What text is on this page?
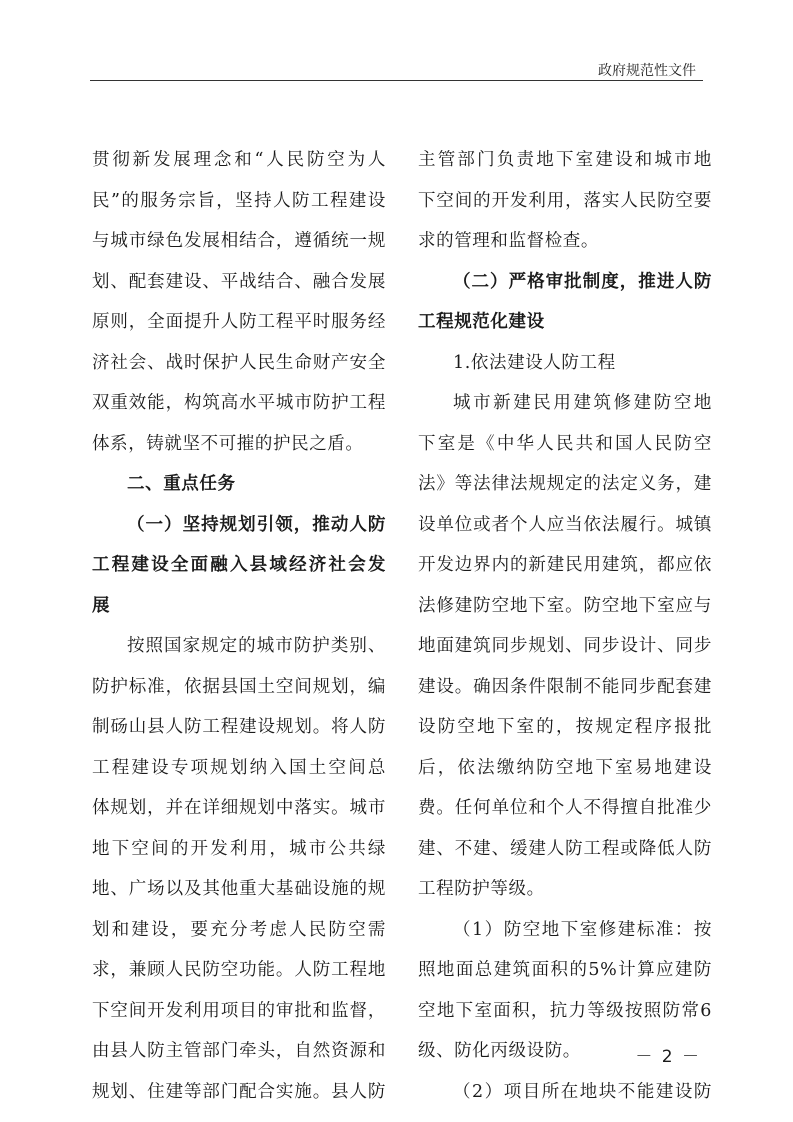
政府规范性文件
贯彻新发展理念和“人民防空为人
民”的服务宗旨，坚持人防工程建设
与城市绿色发展相结合，遵循统一规
划、配套建设、平战结合、融合发展
原则，全面提升人防工程平时服务经
济社会、战时保护人民生命财产安全
双重效能，构筑高水平城市防护工程
体系，铸就坚不可摧的护民之盾。
二、重点任务
（一）坚持规划引领，推动人防
工程建设全面融入县域经济社会发
展
按照国家规定的城市防护类别、
防护标准，依据县国土空间规划，编
制砀山县人防工程建设规划。将人防
工程建设专项规划纳入国土空间总
体规划，并在详细规划中落实。城市
地下空间的开发利用，城市公共绿
地、广场以及其他重大基础设施的规
划和建设，要充分考虑人民防空需
求，兼顾人民防空功能。人防工程地
下空间开发利用项目的审批和监督，
由县人防主管部门牵头，自然资源和
规划、住建等部门配合实施。县人防
主管部门负责地下室建设和城市地
下空间的开发利用，落实人民防空要
求的管理和监督检查。
（二）严格审批制度，推进人防
工程规范化建设
1.依法建设人防工程
城市新建民用建筑修建防空地
下室是《中华人民共和国人民防空
法》等法律法规规定的法定义务，建
设单位或者个人应当依法履行。城镇
开发边界内的新建民用建筑，都应依
法修建防空地下室。防空地下室应与
地面建筑同步规划、同步设计、同步
建设。确因条件限制不能同步配套建
设防空地下室的，按规定程序报批
后，依法缴纳防空地下室易地建设
费。任何单位和个人不得擅自批准少
建、不建、缓建人防工程或降低人防
工程防护等级。
（1）防空地下室修建标准：按
照地面总建筑面积的5%计算应建防
空地下室面积，抗力等级按照防常6
级、防化丙级设防。
（2）项目所在地块不能建设防
－ 2 －
